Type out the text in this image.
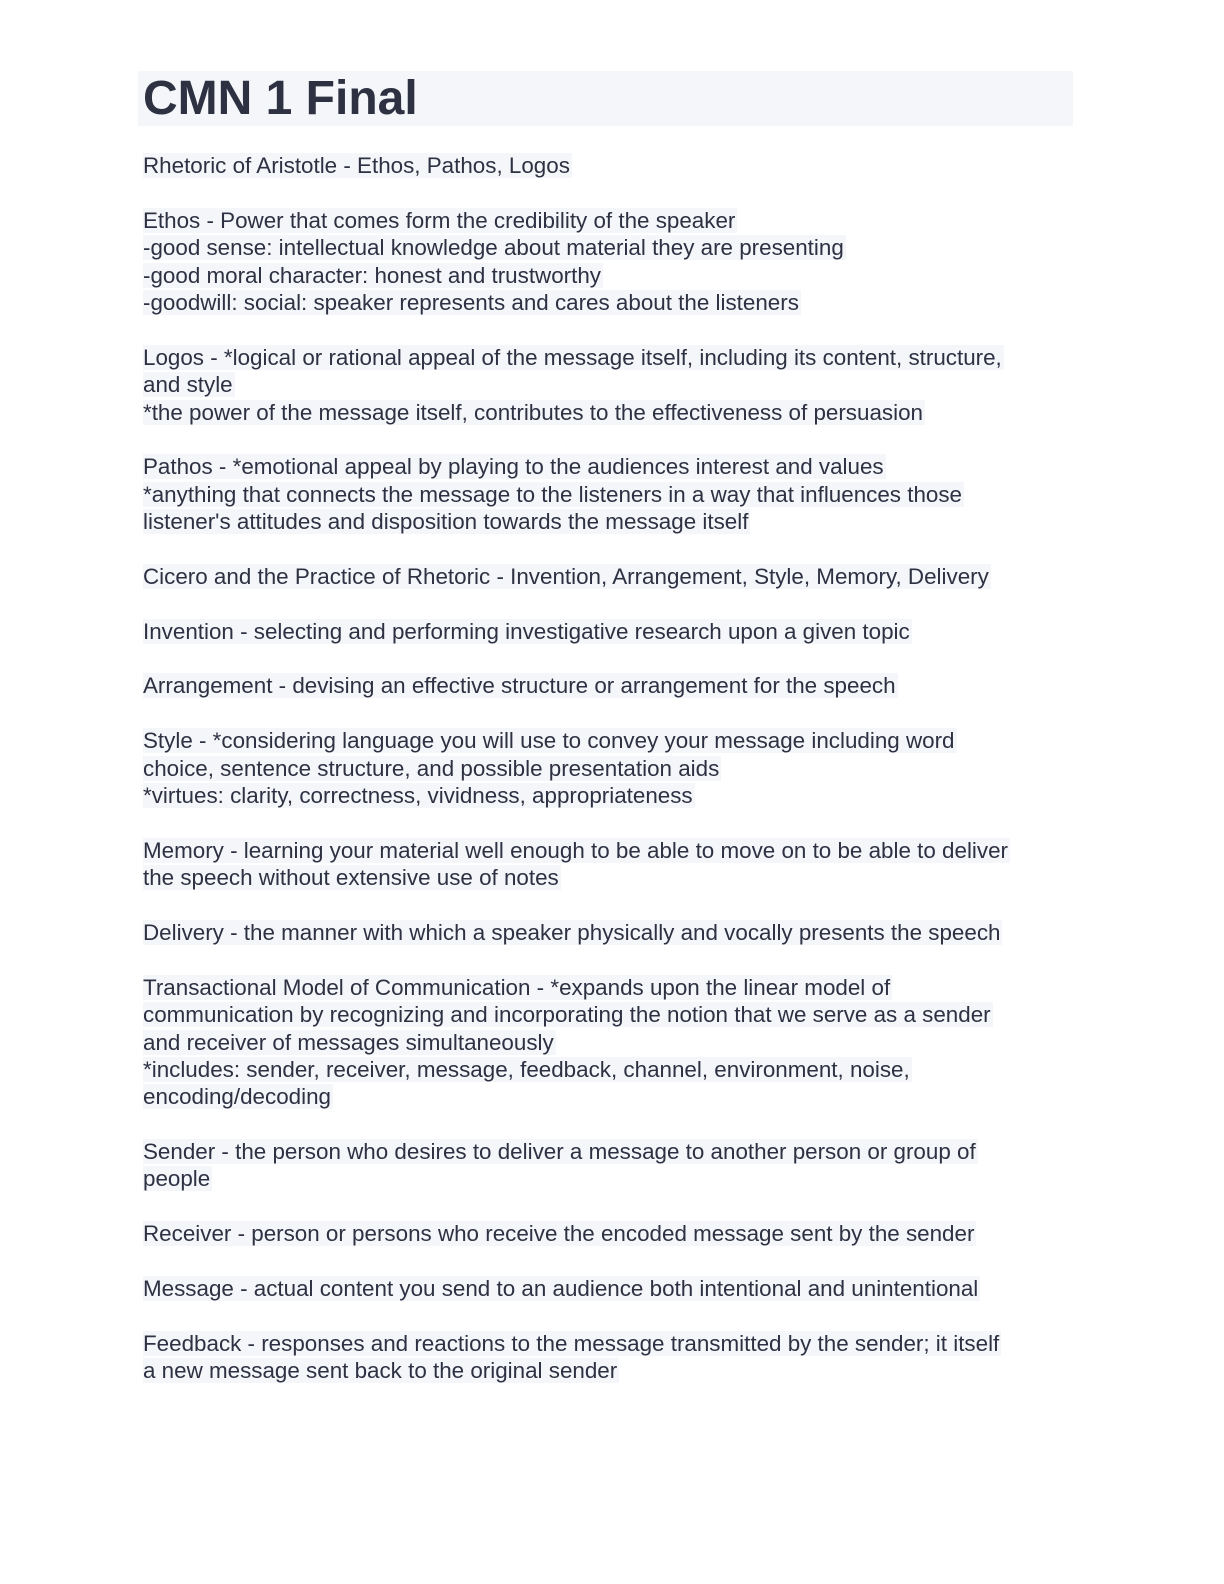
CMN 1 Final
Rhetoric of Aristotle - Ethos, Pathos, Logos
Ethos - Power that comes form the credibility of the speaker
-good sense: intellectual knowledge about material they are presenting
-good moral character: honest and trustworthy
-goodwill: social: speaker represents and cares about the listeners
Logos - *logical or rational appeal of the message itself, including its content, structure,
and style
*the power of the message itself, contributes to the effectiveness of persuasion
Pathos - *emotional appeal by playing to the audiences interest and values
*anything that connects the message to the listeners in a way that influences those
listener's attitudes and disposition towards the message itself
Cicero and the Practice of Rhetoric - Invention, Arrangement, Style, Memory, Delivery
Invention - selecting and performing investigative research upon a given topic
Arrangement - devising an effective structure or arrangement for the speech
Style - *considering language you will use to convey your message including word
choice, sentence structure, and possible presentation aids
*virtues: clarity, correctness, vividness, appropriateness
Memory - learning your material well enough to be able to move on to be able to deliver
the speech without extensive use of notes
Delivery - the manner with which a speaker physically and vocally presents the speech
Transactional Model of Communication - *expands upon the linear model of
communication by recognizing and incorporating the notion that we serve as a sender
and receiver of messages simultaneously
*includes: sender, receiver, message, feedback, channel, environment, noise,
encoding/decoding
Sender - the person who desires to deliver a message to another person or group of
people
Receiver - person or persons who receive the encoded message sent by the sender
Message - actual content you send to an audience both intentional and unintentional
Feedback - responses and reactions to the message transmitted by the sender; it itself
a new message sent back to the original sender
